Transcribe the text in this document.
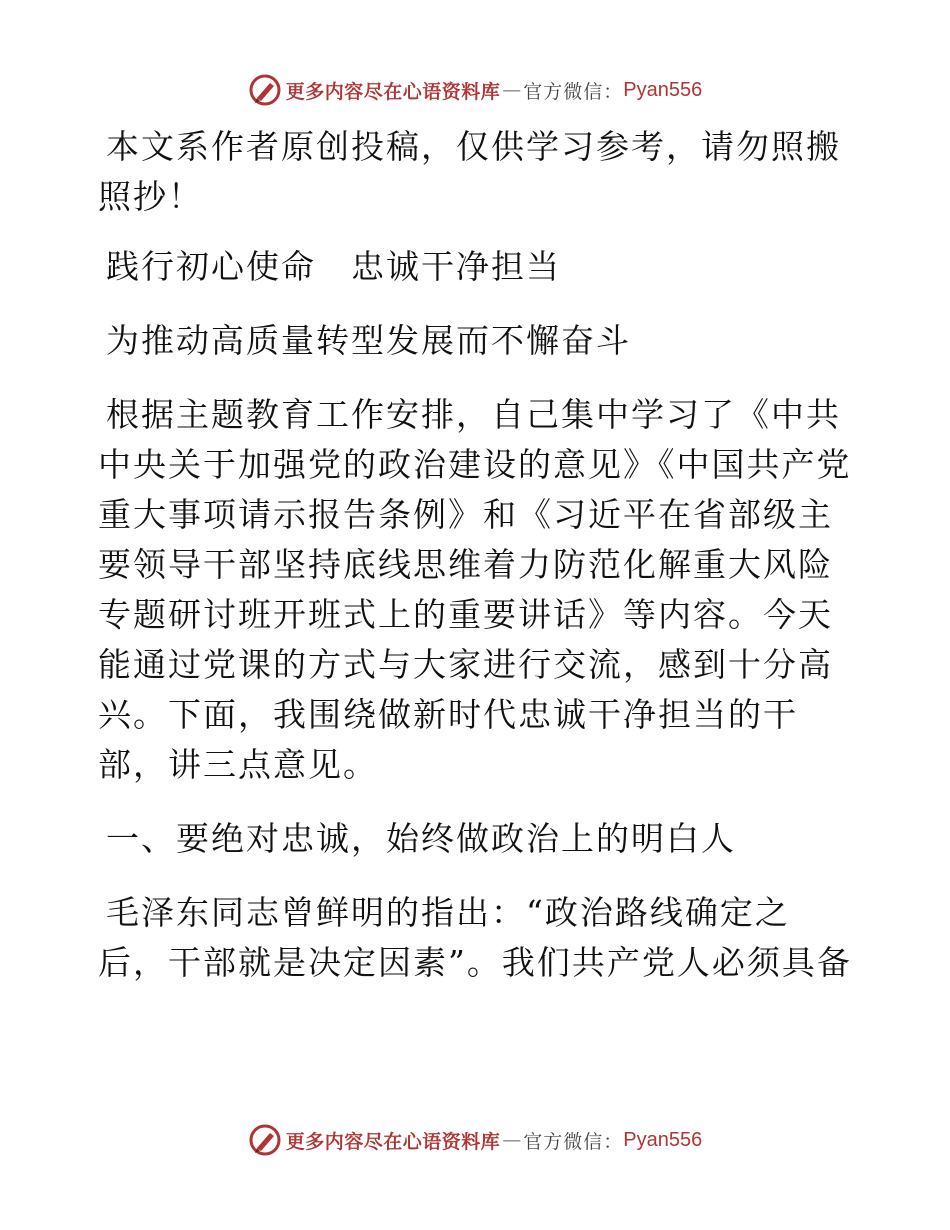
更多内容尽在心语资料库 — 官方微信： Pyan556

本文系作者原创投稿，仅供学习参考，请勿照搬照抄！

践行初心使命　忠诚干净担当

为推动高质量转型发展而不懈奋斗

根据主题教育工作安排，自己集中学习了《中共中央关于加强党的政治建设的意见》《中国共产党重大事项请示报告条例》和《习近平在省部级主要领导干部坚持底线思维着力防范化解重大风险专题研讨班开班式上的重要讲话》等内容。今天能通过党课的方式与大家进行交流，感到十分高兴。下面，我围绕做新时代忠诚干净担当的干部，讲三点意见。

一、要绝对忠诚，始终做政治上的明白人

毛泽东同志曾鲜明的指出：“政治路线确定之后，干部就是决定因素”。我们共产党人必须具备

更多内容尽在心语资料库 — 官方微信： Pyan556
